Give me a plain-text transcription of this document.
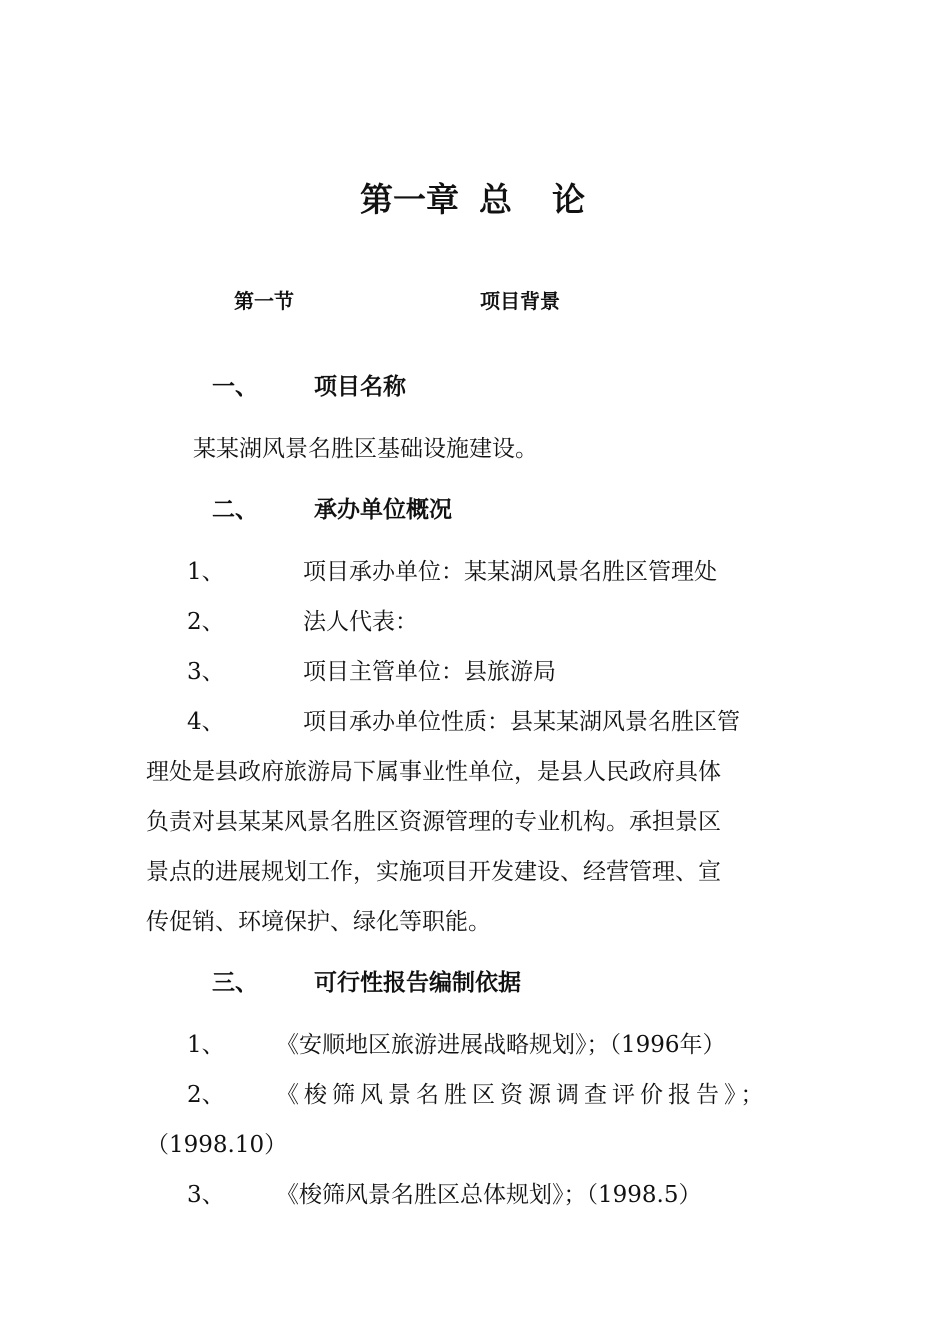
第一章 总 论
第一节	项目背景
一、 项目名称
某某湖风景名胜区基础设施建设。
二、 承办单位概况
1、	项目承办单位：某某湖风景名胜区管理处
2、	法人代表：
3、	项目主管单位：县旅游局
4、	项目承办单位性质：县某某湖风景名胜区管
理处是县政府旅游局下属事业性单位，是县人民政府具体
负责对县某某风景名胜区资源管理的专业机构。承担景区
景点的进展规划工作，实施项目开发建设、经营管理、宣
传促销、环境保护、绿化等职能。
三、 可行性报告编制依据
1、 《安顺地区旅游进展战略规划》；（1996年）
2、 《梭筛风景名胜区资源调查评价报告》；
（1998.10）
3、 《梭筛风景名胜区总体规划》；（1998.5）
